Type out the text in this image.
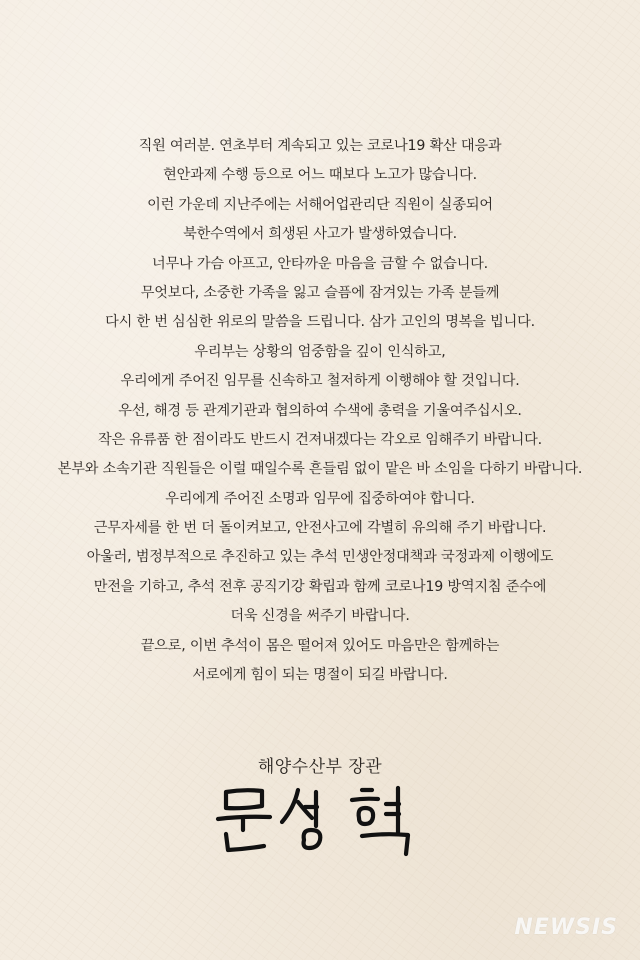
직원 여러분. 연초부터 계속되고 있는 코로나19 확산 대응과
현안과제 수행 등으로 어느 때보다 노고가 많습니다.
이런 가운데 지난주에는 서해어업관리단 직원이 실종되어
북한수역에서 희생된 사고가 발생하였습니다.
너무나 가슴 아프고, 안타까운 마음을 금할 수 없습니다.
무엇보다, 소중한 가족을 잃고 슬픔에 잠겨있는 가족 분들께
다시 한 번 심심한 위로의 말씀을 드립니다. 삼가 고인의 명복을 빕니다.
우리부는 상황의 엄중함을 깊이 인식하고,
우리에게 주어진 임무를 신속하고 철저하게 이행해야 할 것입니다.
우선, 해경 등 관계기관과 협의하여 수색에 총력을 기울여주십시오.
작은 유류품 한 점이라도 반드시 건져내겠다는 각오로 임해주기 바랍니다.
본부와 소속기관 직원들은 이럴 때일수록 흔들림 없이 맡은 바 소임을 다하기 바랍니다.
우리에게 주어진 소명과 임무에 집중하여야 합니다.
근무자세를 한 번 더 돌이켜보고, 안전사고에 각별히 유의해 주기 바랍니다.
아울러, 범정부적으로 추진하고 있는 추석 민생안정대책과 국정과제 이행에도
만전을 기하고, 추석 전후 공직기강 확립과 함께 코로나19 방역지침 준수에
더욱 신경을 써주기 바랍니다.
끝으로, 이번 추석이 몸은 떨어져 있어도 마음만은 함께하는
서로에게 힘이 되는 명절이 되길 바랍니다.
해양수산부 장관
NEWSIS
